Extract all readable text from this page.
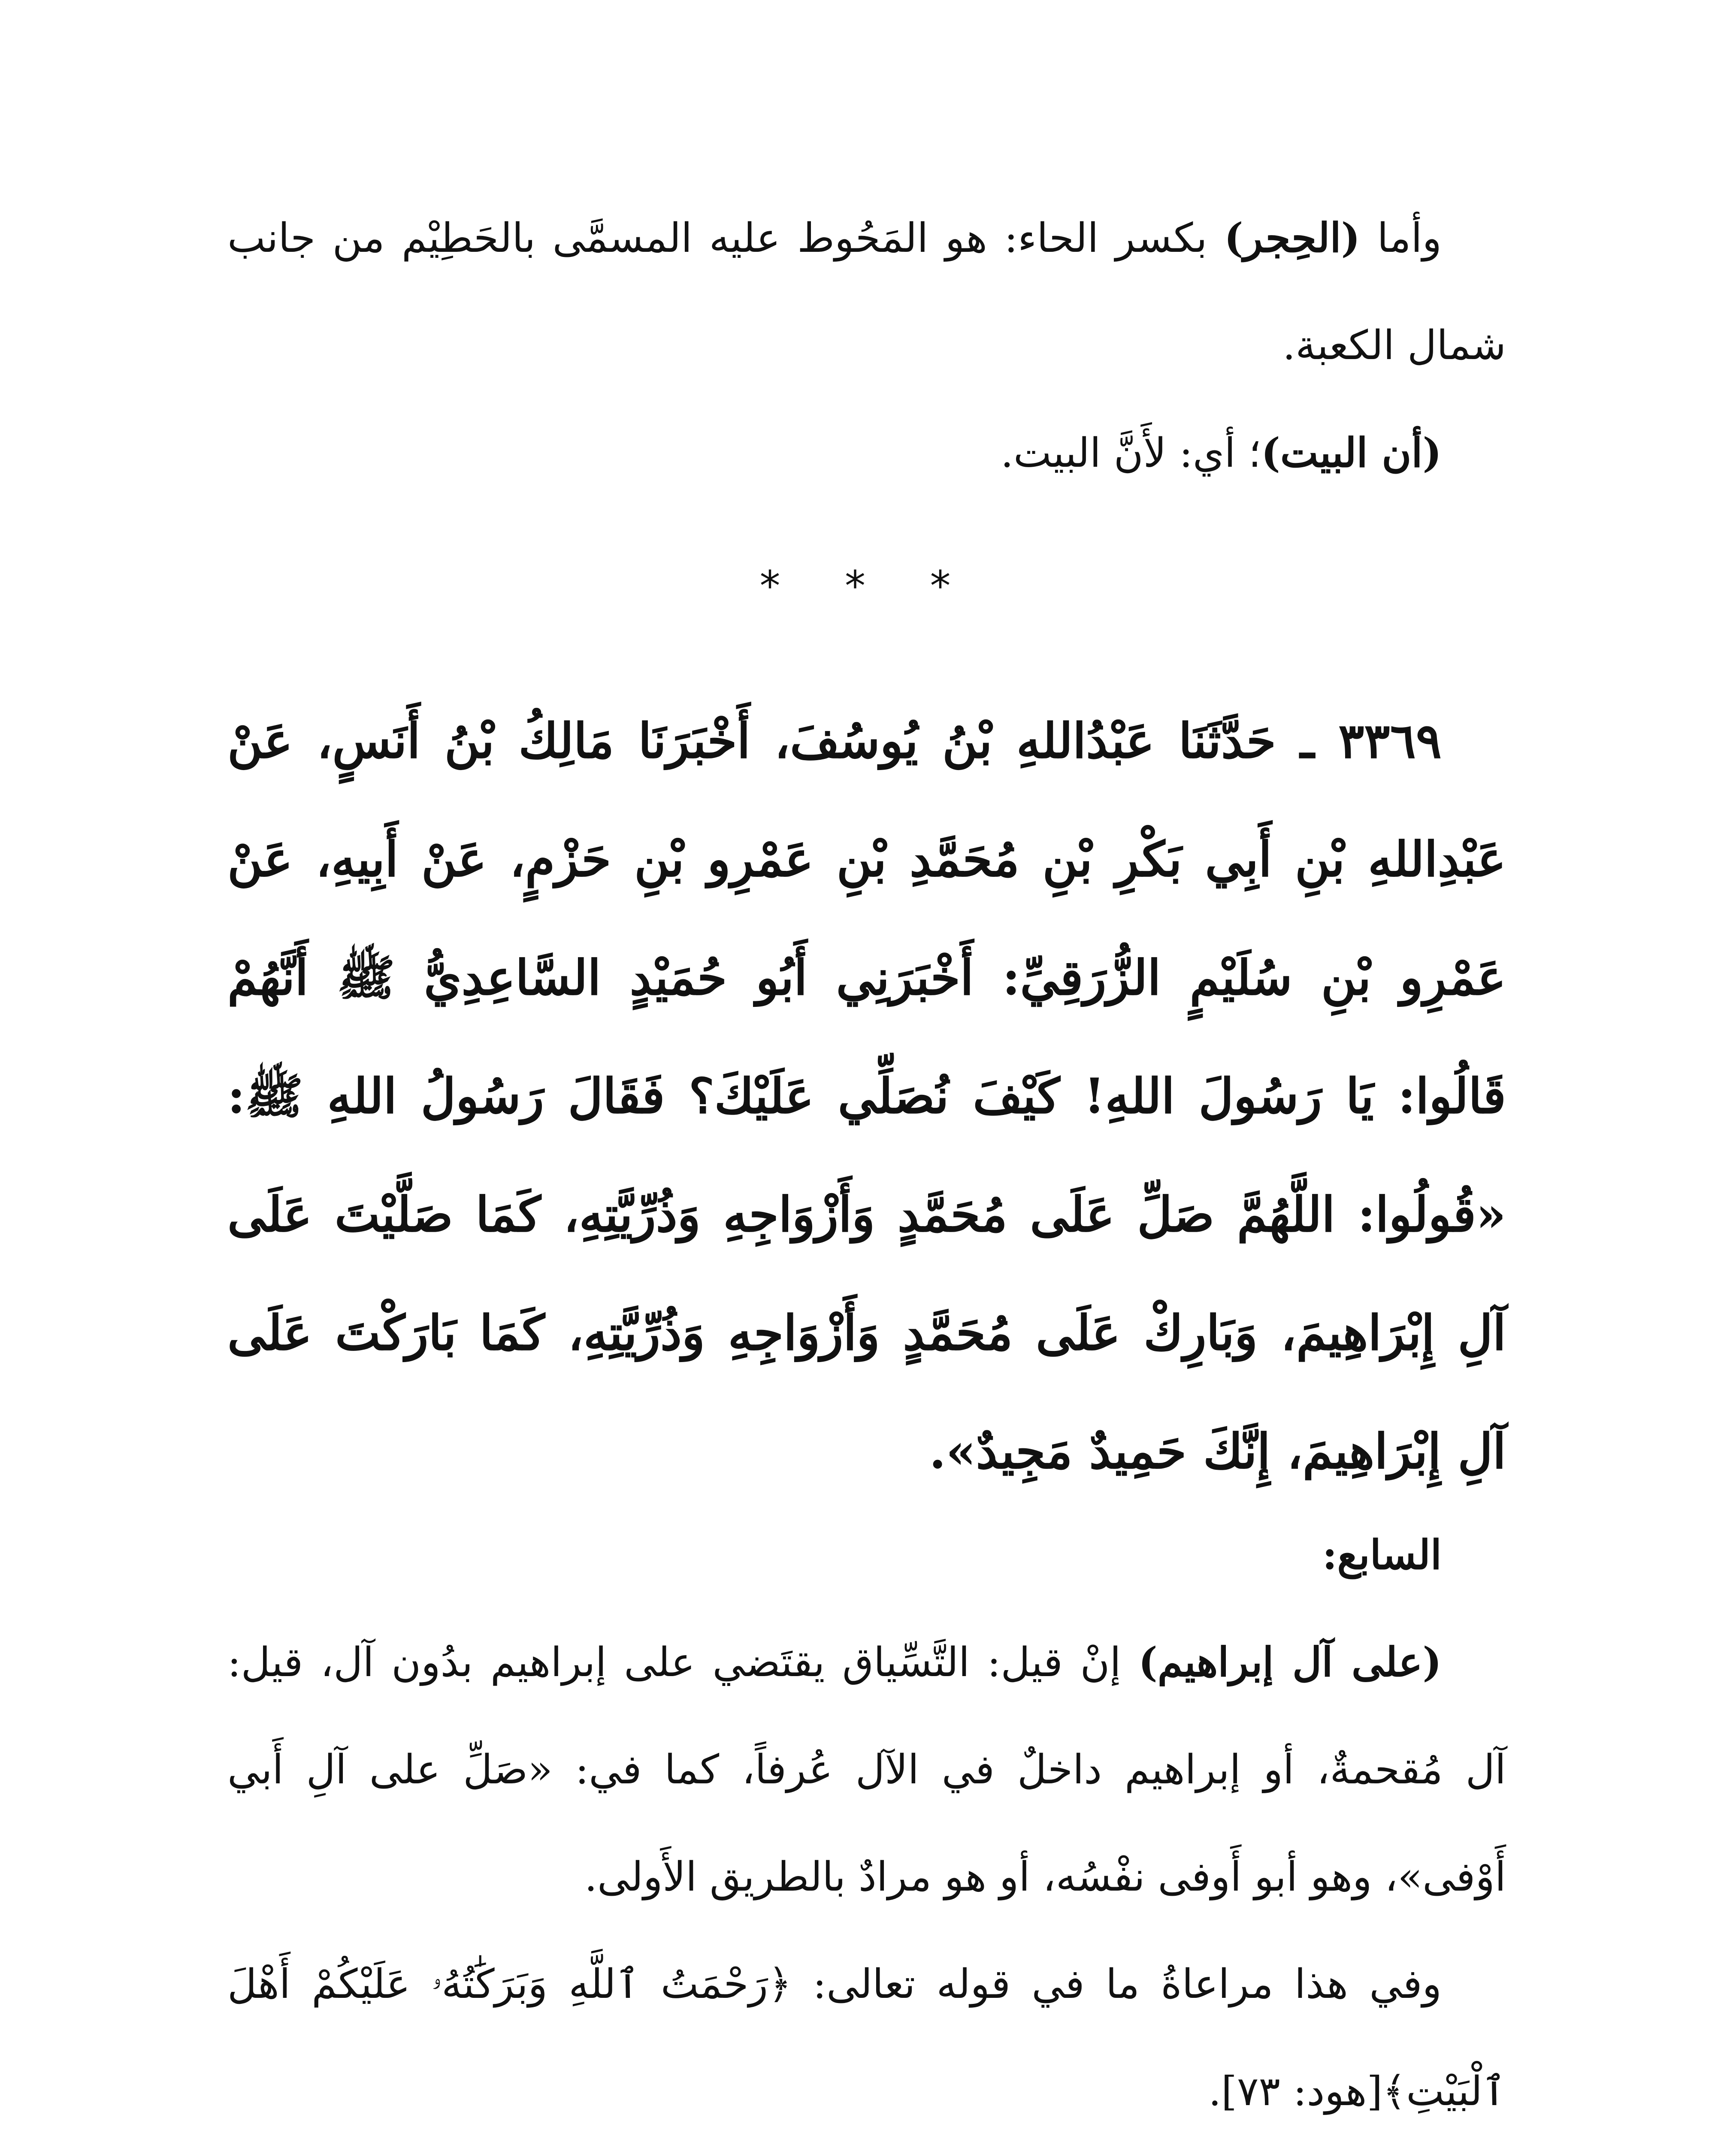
وأما (الحِجر) بكسر الحاء: هو المَحُوط عليه المسمَّى بالحَطِيْم من جانب شمال الكعبة.

(أن البيت)؛ أي: لأَنَّ البيت.

* * *

٣٣٦٩ ـ حَدَّثَنَا عَبْدُاللهِ بْنُ يُوسُفَ، أَخْبَرَنَا مَالِكُ بْنُ أَنَسٍ، عَنْ عَبْدِاللهِ بْنِ أَبِي بَكْرِ بْنِ مُحَمَّدِ بْنِ عَمْرِو بْنِ حَزْمٍ، عَنْ أَبِيهِ، عَنْ عَمْرِو بْنِ سُلَيْمٍ الزُّرَقِيِّ: أَخْبَرَنِي أَبُو حُمَيْدٍ السَّاعِدِيُّ ﷺ أَنَّهُمْ قَالُوا: يَا رَسُولَ اللهِ! كَيْفَ نُصَلِّي عَلَيْكَ؟ فَقَالَ رَسُولُ اللهِ ﷺ: «قُولُوا: اللَّهُمَّ صَلِّ عَلَى مُحَمَّدٍ وَأَزْوَاجِهِ وَذُرِّيَّتِهِ، كَمَا صَلَّيْتَ عَلَى آلِ إِبْرَاهِيمَ، وَبَارِكْ عَلَى مُحَمَّدٍ وَأَزْوَاجِهِ وَذُرِّيَّتِهِ، كَمَا بَارَكْتَ عَلَى آلِ إِبْرَاهِيمَ، إِنَّكَ حَمِيدٌ مَجِيدٌ».

السابع:

(على آل إبراهيم) إنْ قيل: التَّسِّياق يقتَضي على إبراهيم بدُون آل، قيل: آل مُقحمةٌ، أو إبراهيم داخلٌ في الآل عُرفاً، كما في: «صَلِّ على آلِ أَبي أَوْفى»، وهو أبو أَوفى نفْسُه، أو هو مرادٌ بالطريق الأَولى.

وفي هذا مراعاةُ ما في قوله تعالى: ﴿رَحْمَتُ ٱللَّهِ وَبَرَكَٰتُهُۥ عَلَيْكُمْ أَهْلَ ٱلْبَيْتِ﴾[هود: ٧٣].
